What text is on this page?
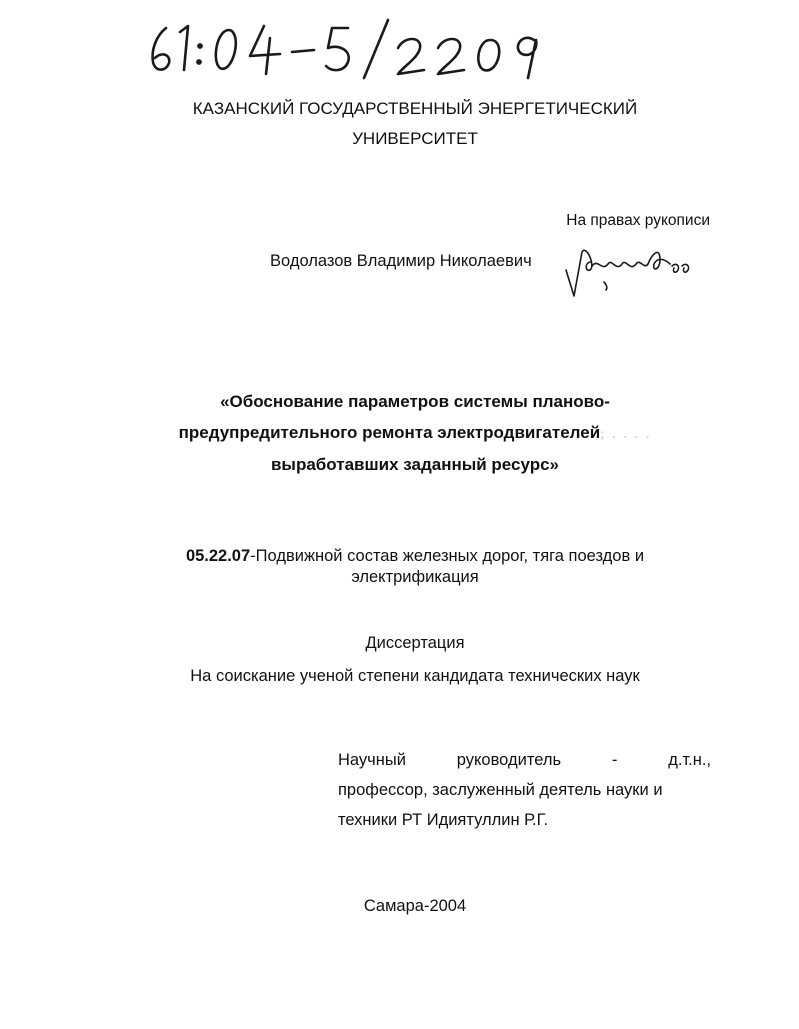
КАЗАНСКИЙ ГОСУДАРСТВЕННЫЙ ЭНЕРГЕТИЧЕСКИЙ
УНИВЕРСИТЕТ
На правах рукописи
Водолазов Владимир Николаевич
«Обоснование параметров системы планово-
предупредительного ремонта электродвигателей; . . . .
выработавших заданный ресурс»
05.22.07-Подвижной состав железных дорог, тяга поездов и
электрификация
Диссертация
На соискание ученой степени кандидата технических наук
Научный	руководитель	-	д.т.н.,
профессор, заслуженный деятель науки и
техники РТ Идиятуллин Р.Г.
Самара-2004
